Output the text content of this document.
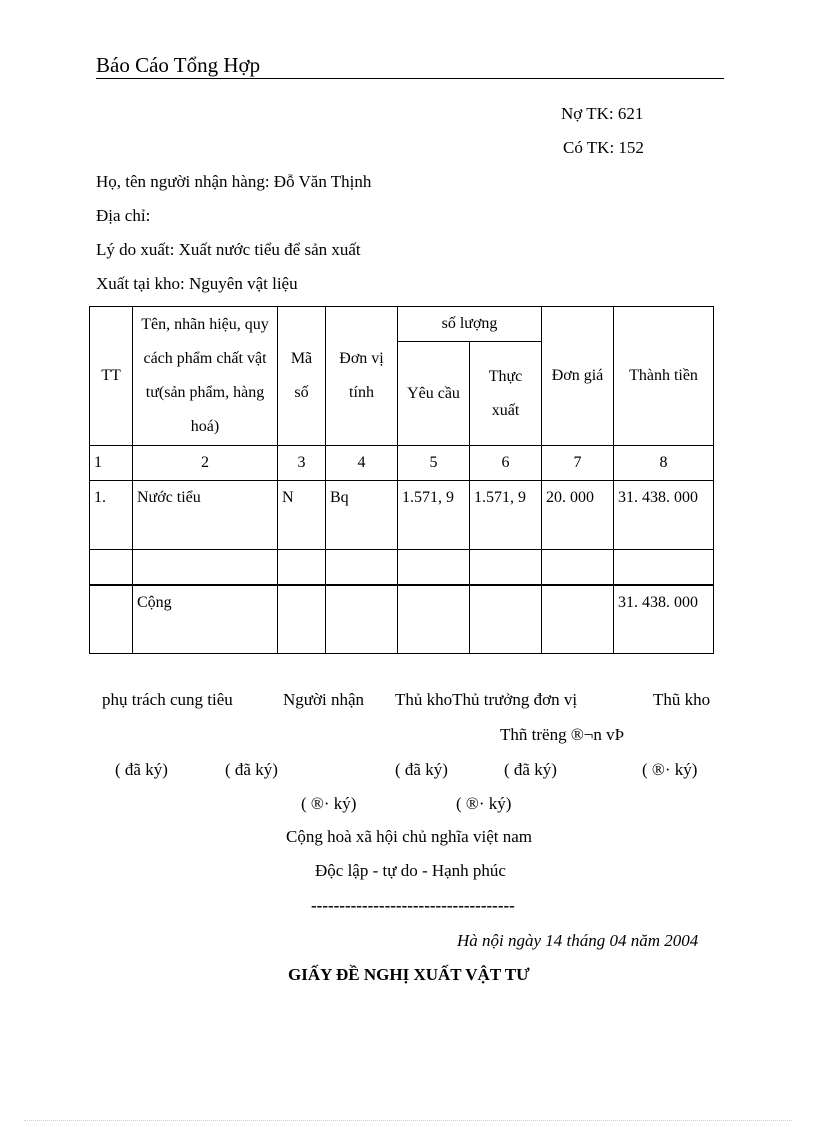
Báo Cáo Tổng Hợp
Nợ TK: 621
Có TK: 152
Họ, tên người nhận hàng: Đỗ Văn Thịnh
Địa chỉ:
Lý do xuất: Xuất nước tiểu để sản xuất
Xuất tại kho: Nguyên vật liệu
TT	Tên, nhãn hiệu, quy cách phẩm chất vật tư(sản phẩm, hàng hoá)	Mã số	Đơn vị tính	số lượng		Đơn giá	Thành tiền
				Yêu cầu	Thực xuất		
1	2	3	4	5	6	7	8
1.	Nước tiểu	N	Bq	1.571, 9	1.571, 9	20. 000	31. 438. 000

	Cộng						31. 438. 000
phụ trách cung tiêu	Người nhận Thủ khoThủ trưởng đơn vị	Thũ kho
Thñ trëng ®¬n vÞ
( đã ký)	( đã ký)	( đã ký)	( đã ký)	( ®· ký)
( ®· ký)	( ®· ký)
Cộng hoà xã hội chủ nghĩa việt nam
Độc lập - tự do - Hạnh phúc
------------------------------------
Hà nội ngày 14 tháng 04 năm 2004
GIẤY ĐỀ NGHỊ XUẤT VẬT TƯ
